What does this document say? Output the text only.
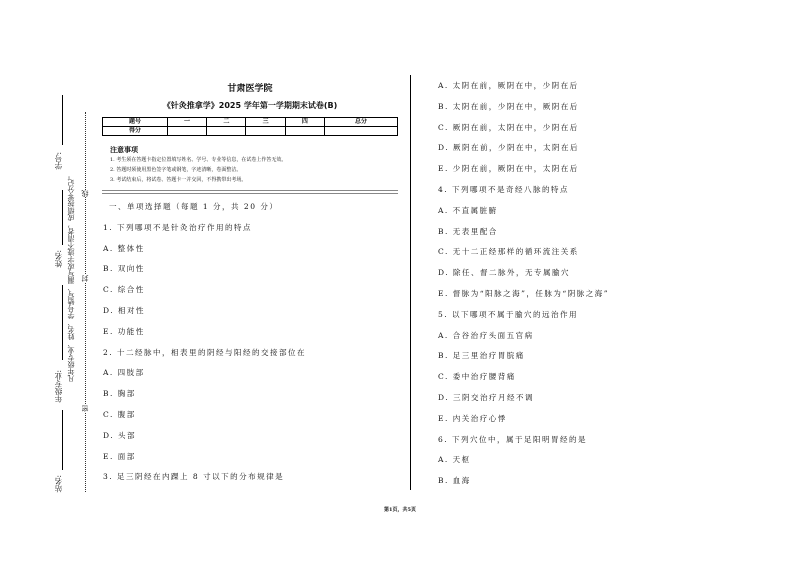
学号:
姓名:
年级专业:
站名:
凡年级专业、姓名、学号错写、漏写或字迹不清者，成绩按零分记。
密
封
线
甘肃医学院
《针灸推拿学》2025 学年第一学期期末试卷(B)
题号	一	二	三	四	总分
得分					
注意事项
1. 考生须在答题卡指定位置填写姓名、学号、专业等信息，在试卷上作答无效。
2. 答题时须使用黑色签字笔或钢笔，字迹清晰，卷面整洁。
3. 考试结束后，将试卷、答题卡一并交回，不得携带出考场。
一、单项选择题（每题 1 分，共 20 分）
1. 下列哪项不是针灸治疗作用的特点
A. 整体性
B. 双向性
C. 综合性
D. 相对性
E. 功能性
2. 十二经脉中，相表里的阴经与阳经的交接部位在
A. 四肢部
B. 胸部
C. 腹部
D. 头部
E. 面部
3. 足三阴经在内踝上 8 寸以下的分布规律是
A. 太阴在前，厥阴在中，少阴在后
B. 太阴在前，少阴在中，厥阴在后
C. 厥阴在前，太阴在中，少阴在后
D. 厥阴在前，少阴在中，太阴在后
E. 少阴在前，厥阴在中，太阴在后
4. 下列哪项不是奇经八脉的特点
A. 不直属脏腑
B. 无表里配合
C. 无十二正经那样的循环流注关系
D. 除任、督二脉外，无专属腧穴
E. 督脉为“阳脉之海”，任脉为“阴脉之海”
5. 以下哪项不属于腧穴的远治作用
A. 合谷治疗头面五官病
B. 足三里治疗胃脘痛
C. 委中治疗腰背痛
D. 三阴交治疗月经不调
E. 内关治疗心悸
6. 下列穴位中，属于足阳明胃经的是
A. 天枢
B. 血海
第1页，共5页
